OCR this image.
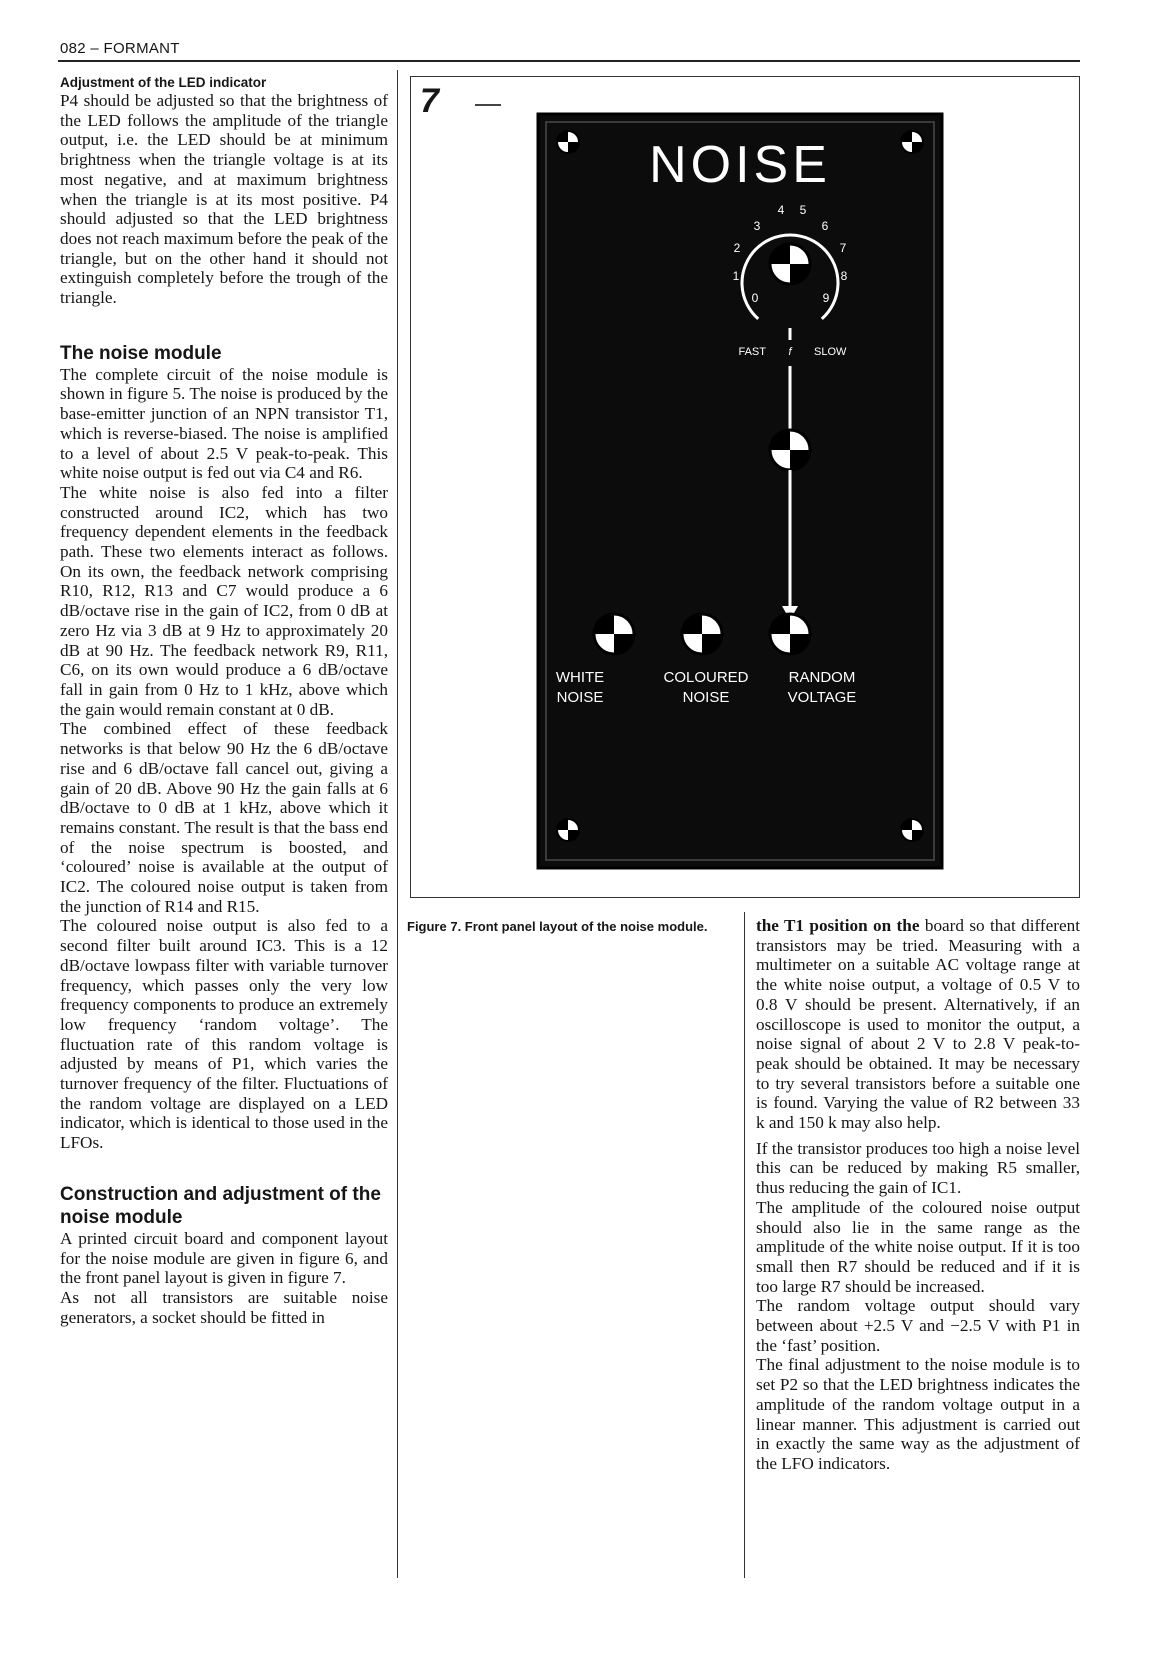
082 – FORMANT

Adjustment of the LED indicator

P4 should be adjusted so that the brightness of the LED follows the amplitude of the triangle output, i.e. the LED should be at minimum brightness when the triangle voltage is at its most negative, and at maximum brightness when the triangle is at its most positive. P4 should adjusted so that the LED brightness does not reach maximum before the peak of the triangle, but on the other hand it should not extinguish completely before the trough of the triangle.

The noise module

The complete circuit of the noise module is shown in figure 5. The noise is produced by the base-emitter junction of an NPN transistor T1, which is reverse-biased. The noise is amplified to a level of about 2.5 V peak-to-peak. This white noise output is fed out via C4 and R6.

The white noise is also fed into a filter constructed around IC2, which has two frequency dependent elements in the feedback path. These two elements interact as follows. On its own, the feedback network comprising R10, R12, R13 and C7 would produce a 6 dB/octave rise in the gain of IC2, from 0 dB at zero Hz via 3 dB at 9 Hz to approximately 20 dB at 90 Hz. The feedback network R9, R11, C6, on its own would produce a 6 dB/octave fall in gain from 0 Hz to 1 kHz, above which the gain would remain constant at 0 dB.

The combined effect of these feedback networks is that below 90 Hz the 6 dB/octave rise and 6 dB/octave fall cancel out, giving a gain of 20 dB. Above 90 Hz the gain falls at 6 dB/octave to 0 dB at 1 kHz, above which it remains constant. The result is that the bass end of the noise spectrum is boosted, and ‘coloured’ noise is available at the output of IC2. The coloured noise output is taken from the junction of R14 and R15.

The coloured noise output is also fed to a second filter built around IC3. This is a 12 dB/octave lowpass filter with variable turnover frequency, which passes only the very low frequency components to produce an extremely low frequency ‘random voltage’. The fluctuation rate of this random voltage is adjusted by means of P1, which varies the turnover frequency of the filter. Fluctuations of the random voltage are displayed on a LED indicator, which is identical to those used in the LFOs.

Construction and adjustment of the noise module

A printed circuit board and component layout for the noise module are given in figure 6, and the front panel layout is given in figure 7.

As not all transistors are suitable noise generators, a socket should be fitted in

7
NOISE
0
1
2
3
4 5
6
7
8
9
FAST f SLOW
WHITE
NOISE
COLOURED
NOISE
RANDOM
VOLTAGE
Figure 7. Front panel layout of the noise module.	the T1 position on the board so that different transistors may be tried. Measuring with a multimeter on a suitable AC voltage range at the white noise output, a voltage of 0.5 V to 0.8 V should be present. Alternatively, if an oscilloscope is used to monitor the output, a noise signal of about 2 V to 2.8 V peak-to-peak should be obtained. It may be necessary to try several transistors before a suitable one is found. Varying the value of R2 between 33 k and 150 k may also help.

If the transistor produces too high a noise level this can be reduced by making R5 smaller, thus reducing the gain of IC1.

The amplitude of the coloured noise output should also lie in the same range as the amplitude of the white noise output. If it is too small then R7 should be reduced and if it is too large R7 should be increased.

The random voltage output should vary between about +2.5 V and −2.5 V with P1 in the ‘fast’ position.

The final adjustment to the noise module is to set P2 so that the LED brightness indicates the amplitude of the random voltage output in a linear manner. This adjustment is carried out in exactly the same way as the adjustment of the LFO indicators.
